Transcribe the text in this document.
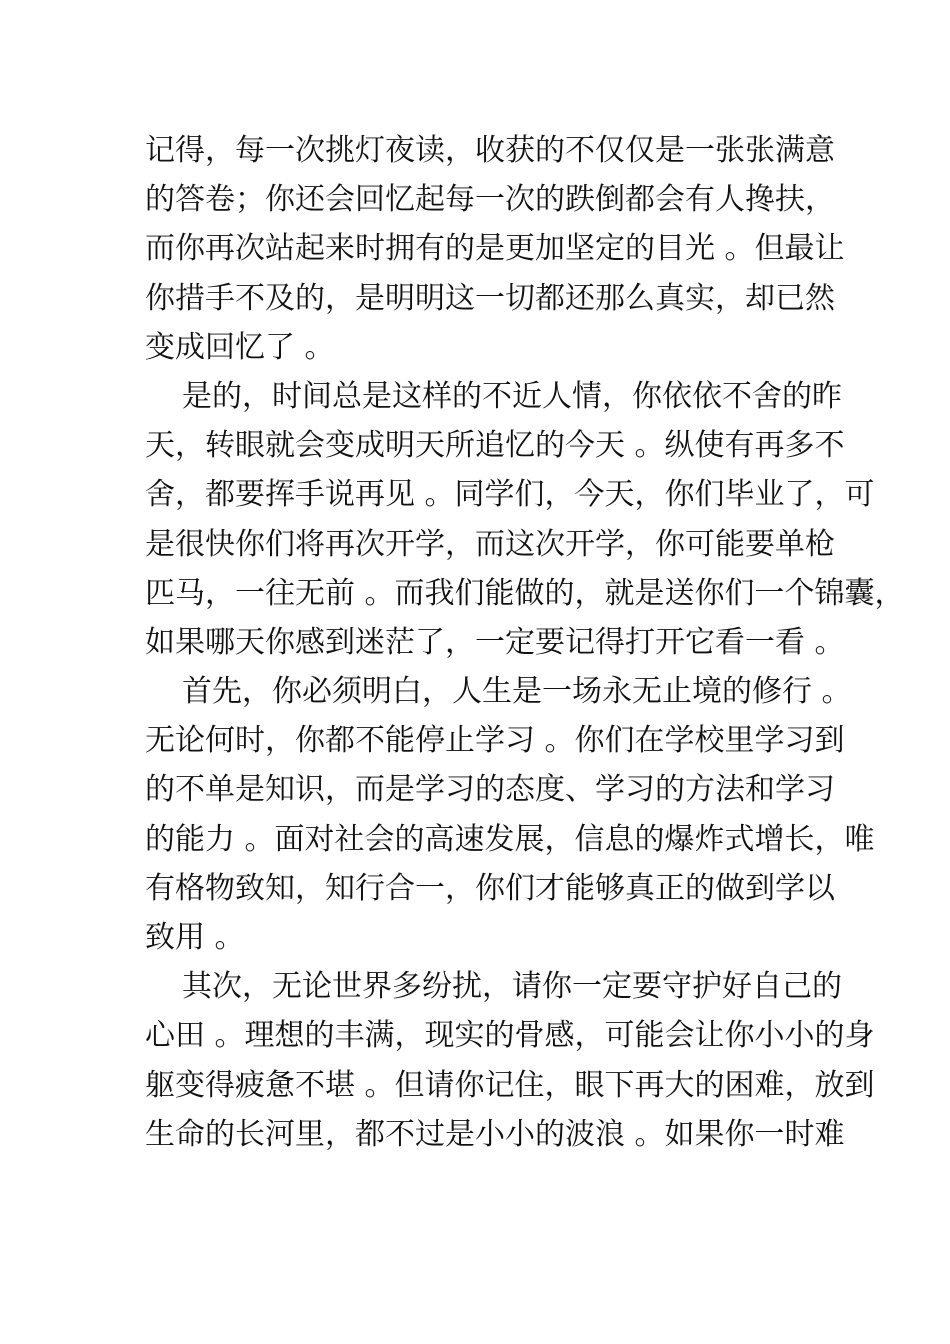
记得，每一次挑灯夜读，收获的不仅仅是一张张满意
的答卷；你还会回忆起每一次的跌倒都会有人搀扶，
而你再次站起来时拥有的是更加坚定的目光 。但最让
你措手不及的，是明明这一切都还那么真实，却已然
变成回忆了 。
是的，时间总是这样的不近人情，你依依不舍的昨
天，转眼就会变成明天所追忆的今天 。纵使有再多不
舍，都要挥手说再见 。同学们，今天，你们毕业了，可
是很快你们将再次开学，而这次开学，你可能要单枪
匹马，一往无前 。而我们能做的，就是送你们一个锦囊，
如果哪天你感到迷茫了，一定要记得打开它看一看 。
首先，你必须明白，人生是一场永无止境的修行 。
无论何时，你都不能停止学习 。你们在学校里学习到
的不单是知识，而是学习的态度、学习的方法和学习
的能力 。面对社会的高速发展，信息的爆炸式增长，唯
有格物致知，知行合一，你们才能够真正的做到学以
致用 。
其次，无论世界多纷扰，请你一定要守护好自己的
心田 。理想的丰满，现实的骨感，可能会让你小小的身
躯变得疲惫不堪 。但请你记住，眼下再大的困难，放到
生命的长河里，都不过是小小的波浪 。如果你一时难
